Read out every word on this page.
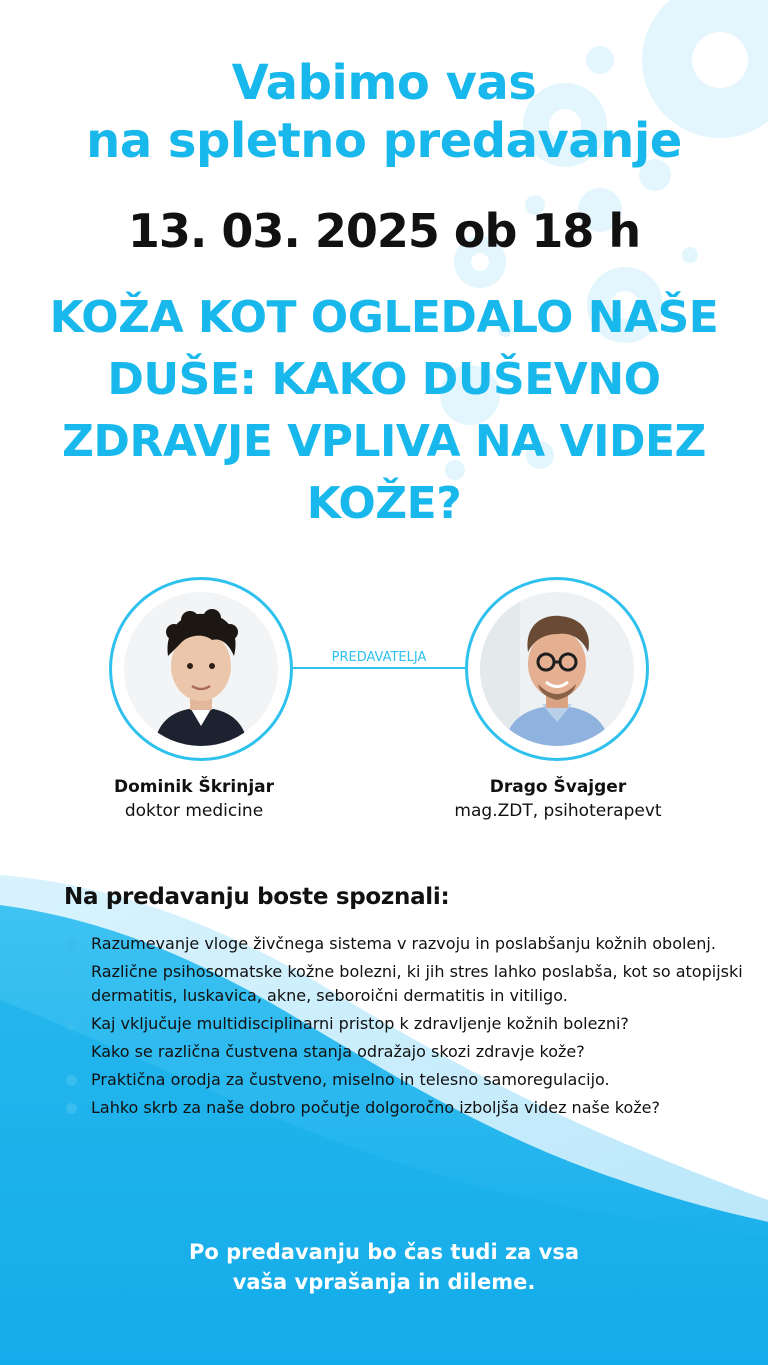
Vabimo vas
na spletno predavanje
13. 03. 2025 ob 18 h
KOŽA KOT OGLEDALO NAŠE
DUŠE: KAKO DUŠEVNO
ZDRAVJE VPLIVA NA VIDEZ
KOŽE?
PREDAVATELJA
Dominik Škrinjar
doktor medicine
Drago Švajger
mag.ZDT, psihoterapevt
Na predavanju boste spoznali:
Razumevanje vloge živčnega sistema v razvoju in poslabšanju kožnih obolenj.
Različne psihosomatske kožne bolezni, ki jih stres lahko poslabša, kot so atopijski dermatitis, luskavica, akne, seboroični dermatitis in vitiligo.
Kaj vključuje multidisciplinarni pristop k zdravljenje kožnih bolezni?
Kako se različna čustvena stanja odražajo skozi zdravje kože?
Praktična orodja za čustveno, miselno in telesno samoregulacijo.
Lahko skrb za naše dobro počutje dolgoročno izboljša videz naše kože?
Po predavanju bo čas tudi za vsa
vaša vprašanja in dileme.
